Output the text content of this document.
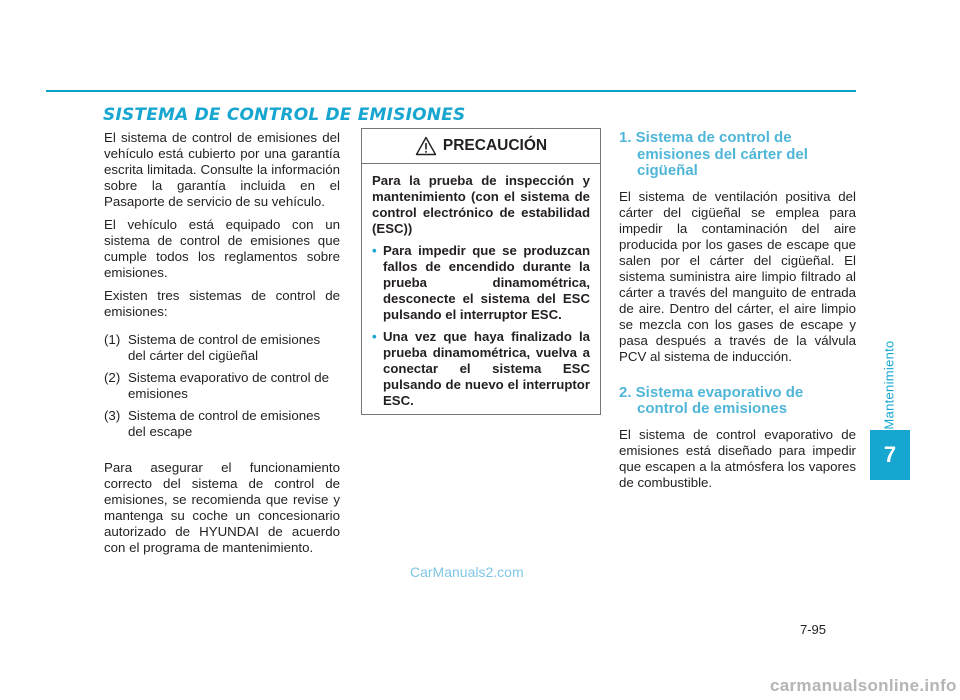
SISTEMA DE CONTROL DE EMISIONES

El sistema de control de emisiones del vehículo está cubierto por una garantía escrita limitada. Consulte la información sobre la garantía incluida en el Pasaporte de servicio de su vehículo.

El vehículo está equipado con un sistema de control de emisiones que cumple todos los reglamentos sobre emisiones.

Existen tres sistemas de control de emisiones:

(1) Sistema de control de emisiones del cárter del cigüeñal
(2) Sistema evaporativo de control de emisiones
(3) Sistema de control de emisiones del escape

Para asegurar el funcionamiento correcto del sistema de control de emisiones, se recomienda que revise y mantenga su coche un concesionario autorizado de HYUNDAI de acuerdo con el programa de mantenimiento.

PRECAUCIÓN

Para la prueba de inspección y mantenimiento (con el sistema de control electrónico de estabilidad (ESC))

• Para impedir que se produzcan fallos de encendido durante la prueba dinamométrica, desconecte el sistema del ESC pulsando el interruptor ESC.
• Una vez que haya finalizado la prueba dinamométrica, vuelva a conectar el sistema ESC pulsando de nuevo el interruptor ESC.
1. Sistema de control de emisiones del cárter del cigüeñal

El sistema de ventilación positiva del cárter del cigüeñal se emplea para impedir la contaminación del aire producida por los gases de escape que salen por el cárter del cigüeñal. El sistema suministra aire limpio filtrado al cárter a través del manguito de entrada de aire. Dentro del cárter, el aire limpio se mezcla con los gases de escape y pasa después a través de la válvula PCV al sistema de inducción.

2. Sistema evaporativo de control de emisiones

El sistema de control evaporativo de emisiones está diseñado para impedir que escapen a la atmósfera los vapores de combustible.

Mantenimiento
7
7-95
CarManuals2.com
carmanualsonline.info
